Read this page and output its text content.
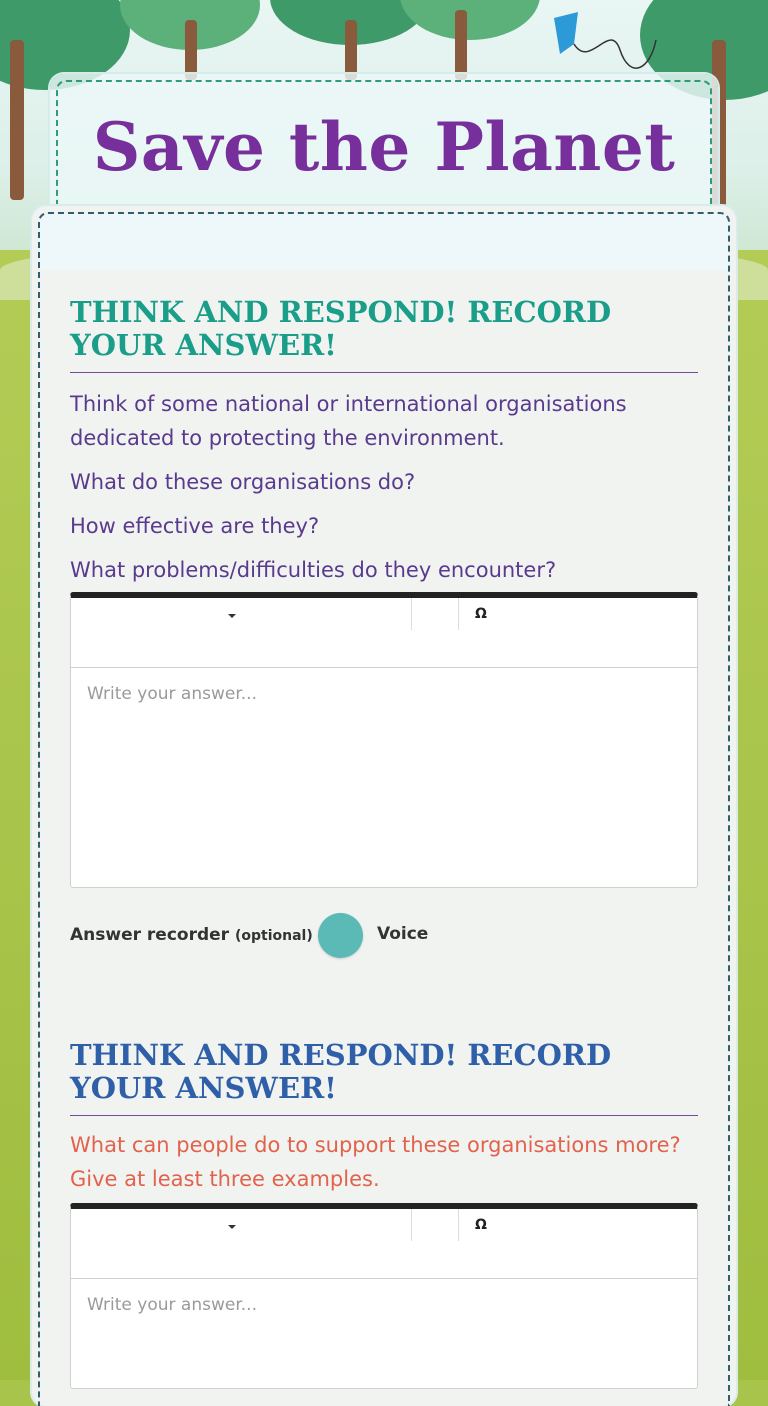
Save the Planet
THINK AND RESPOND! RECORD YOUR ANSWER!

Think of some national or international organisations dedicated to protecting the environment.

What do these organisations do?

How effective are they?

What problems/difficulties do they encounter?

Ω
Write your answer...
Answer recorder (optional)	Voice
THINK AND RESPOND! RECORD YOUR ANSWER!

What can people do to support these organisations more? Give at least three examples.

Ω
Write your answer...
